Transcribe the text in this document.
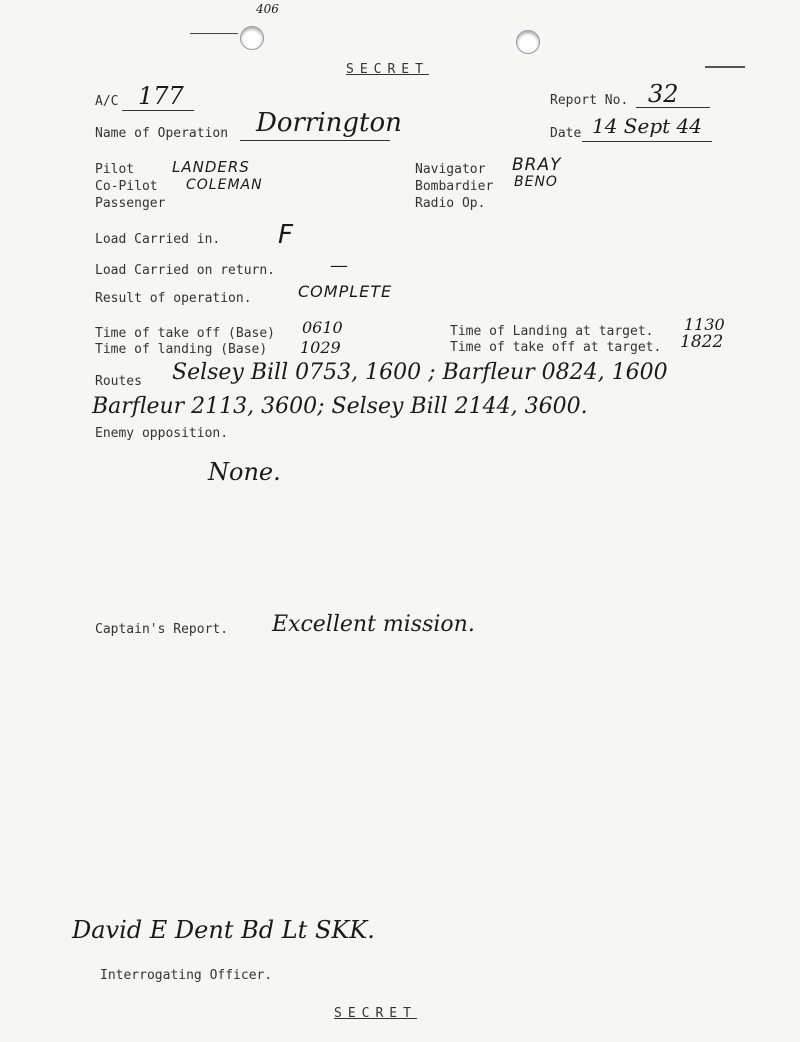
406
SECRET
A/C 177	Report No. 32
Name of Operation Dorrington	Date 14 Sept 44
Pilot	LANDERS
Co-Pilot COLEMAN
Passenger
Navigator BRAY
Bombardier BENO
Radio Op.
Load Carried in. F
Load Carried on return.	—
Result of operation.	COMPLETE
Time of take off (Base) 0610
Time of landing (Base) 1029
Time of Landing at target. 1130
Time of take off at target. 1822
Routes Selsey Bill 0753, 1600 ; Barfleur 0824, 1600
Barfleur 2113, 3600; Selsey Bill 2144, 3600.
Enemy opposition.
None.
Captain's Report. Excellent mission.
David E Dent Bd Lt SKK.
Interrogating Officer.
SECRET
